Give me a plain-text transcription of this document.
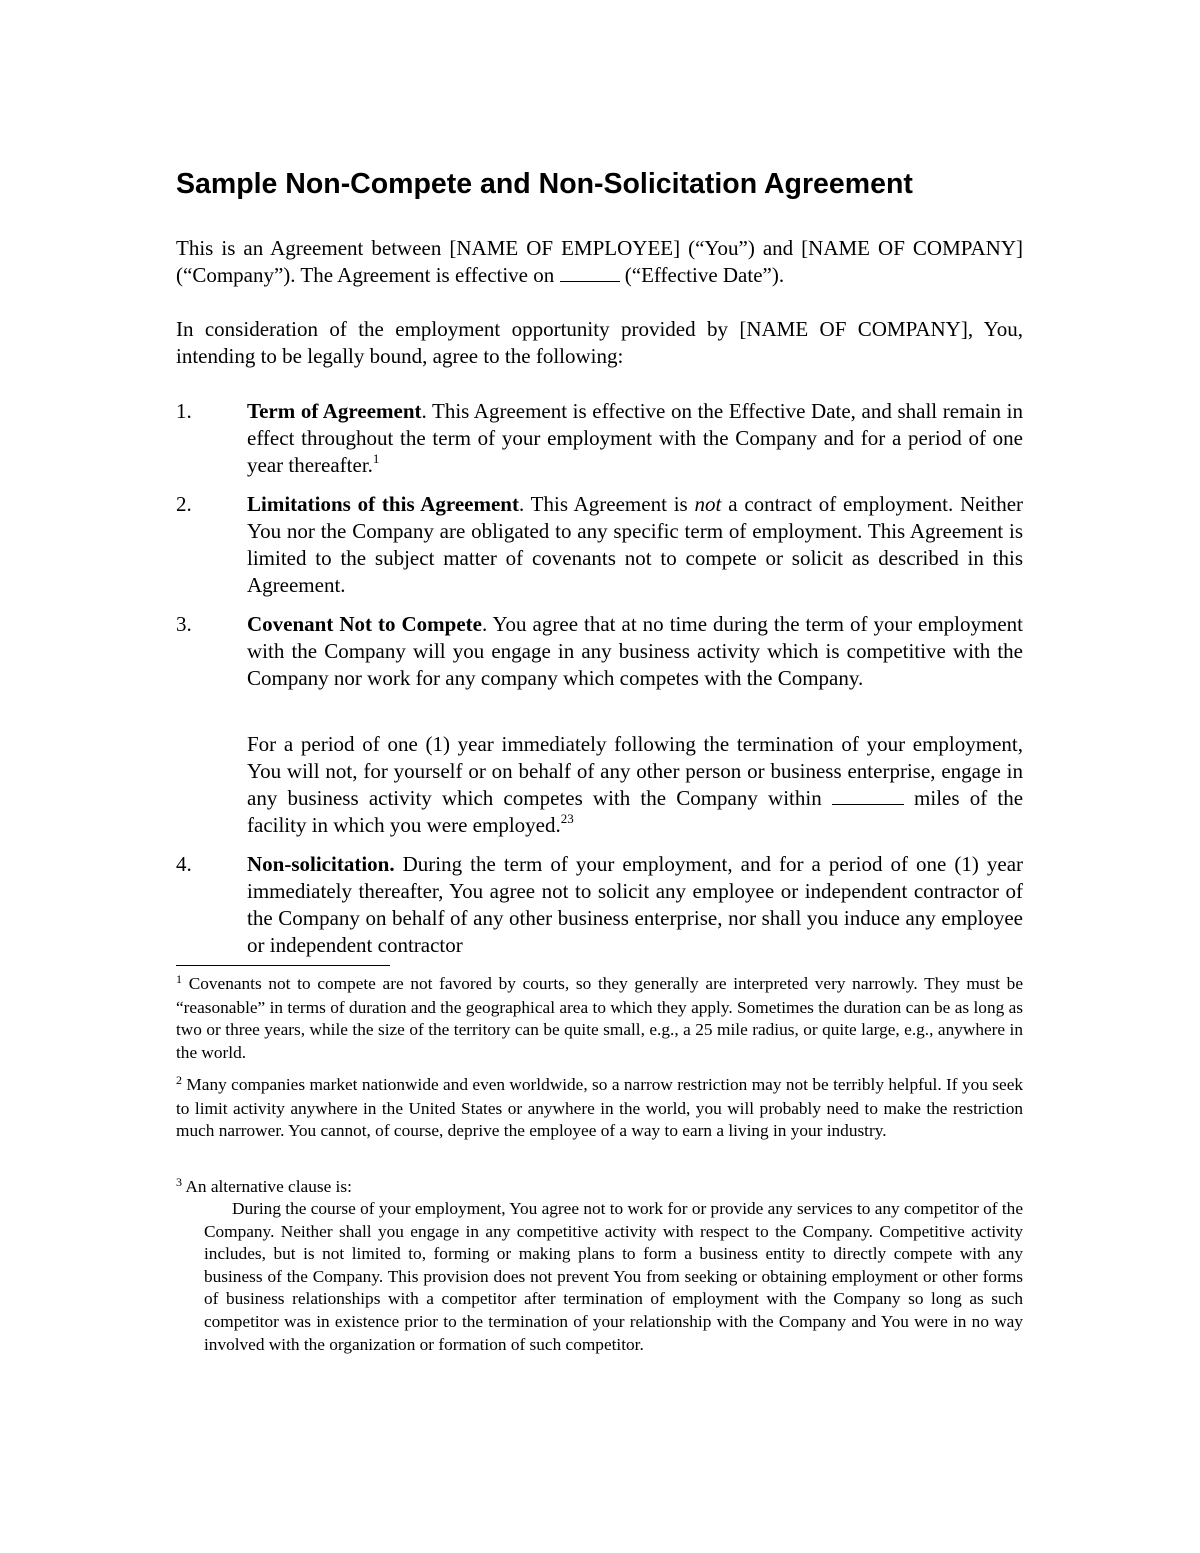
Sample Non-Compete and Non-Solicitation Agreement

This is an Agreement between [NAME OF EMPLOYEE] (“You”) and [NAME OF COMPANY] (“Company”). The Agreement is effective on	(“Effective Date”).

In consideration of the employment opportunity provided by [NAME OF COMPANY], You, intending to be legally bound, agree to the following:

1.	Term of Agreement. This Agreement is effective on the Effective Date, and shall remain in effect throughout the term of your employment with the Company and for a period of one year thereafter.$^1$

2.	Limitations of this Agreement. This Agreement is not a contract of employment. Neither You nor the Company are obligated to any specific term of employment. This Agreement is limited to the subject matter of covenants not to compete or solicit as described in this Agreement.

3.	Covenant Not to Compete. You agree that at no time during the term of your employment with the Company will you engage in any business activity which is competitive with the Company nor work for any company which competes with the Company.

For a period of one (1) year immediately following the termination of your employment, You will not, for yourself or on behalf of any other person or business enterprise, engage in any business activity which competes with the Company within	miles of the facility in which you were employed.$^{23}$

4.	Non-solicitation. During the term of your employment, and for a period of one (1) year immediately thereafter, You agree not to solicit any employee or independent contractor of the Company on behalf of any other business enterprise, nor shall you induce any employee or independent contractor

$^1$ Covenants not to compete are not favored by courts, so they generally are interpreted very narrowly. They must be “reasonable” in terms of duration and the geographical area to which they apply. Sometimes the duration can be as long as two or three years, while the size of the territory can be quite small, e.g., a 25 mile radius, or quite large, e.g., anywhere in the world.

$^2$ Many companies market nationwide and even worldwide, so a narrow restriction may not be terribly helpful. If you seek to limit activity anywhere in the United States or anywhere in the world, you will probably need to make the restriction much narrower. You cannot, of course, deprive the employee of a way to earn a living in your industry.

$^3$ An alternative clause is:

During the course of your employment, You agree not to work for or provide any services to any competitor of the Company. Neither shall you engage in any competitive activity with respect to the Company. Competitive activity includes, but is not limited to, forming or making plans to form a business entity to directly compete with any business of the Company. This provision does not prevent You from seeking or obtaining employment or other forms of business relationships with a competitor after termination of employment with the Company so long as such competitor was in existence prior to the termination of your relationship with the Company and You were in no way involved with the organization or formation of such competitor.
